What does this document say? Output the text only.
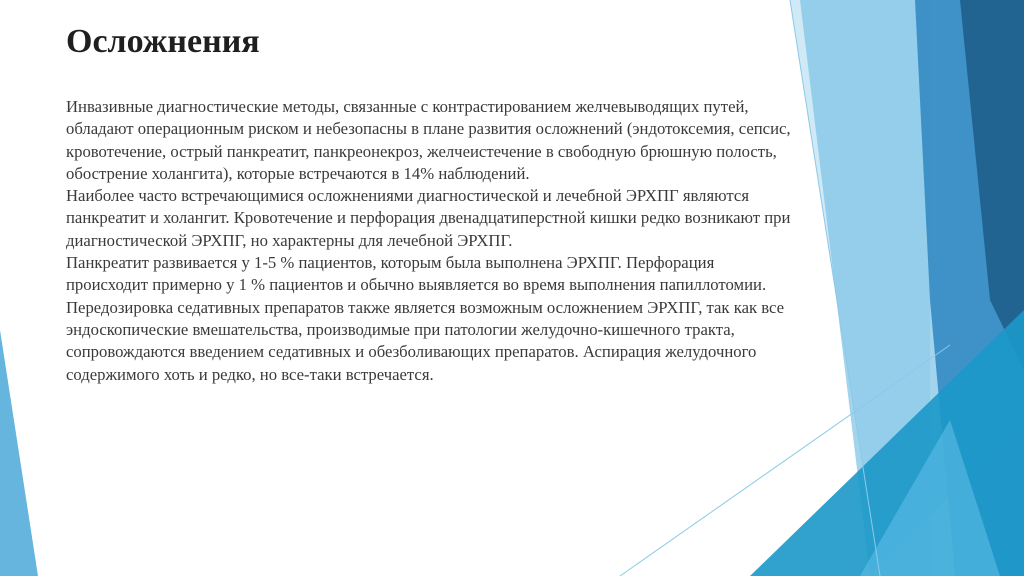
Осложнения

Инвазивные диагностические методы, связанные с контрастированием желчевыводящих путей, обладают операционным риском и небезопасны в плане развития осложнений (эндотоксемия, сепсис, кровотечение, острый панкреатит, панкреонекроз, желчеистечение в свободную брюшную полость, обострение холангита), которые встречаются в 14% наблюдений.

Наиболее часто встречающимися осложнениями диагностической и лечебной ЭРХПГ являются панкреатит и холангит. Кровотечение и перфорация двенадцатиперстной кишки редко возникают при диагностической ЭРХПГ, но характерны для лечебной ЭРХПГ.

Панкреатит развивается у 1-5 % пациентов, которым была выполнена ЭРХПГ. Перфорация происходит примерно у 1 % пациентов и обычно выявляется во время выполнения папиллотомии. Передозировка седативных препаратов также является возможным осложнением ЭРХПГ, так как все эндоскопические вмешательства, производимые при патологии желудочно-кишечного тракта, сопровождаются введением седативных и обезболивающих препаратов. Аспирация желудочного содержимого хоть и редко, но все-таки встречается.
